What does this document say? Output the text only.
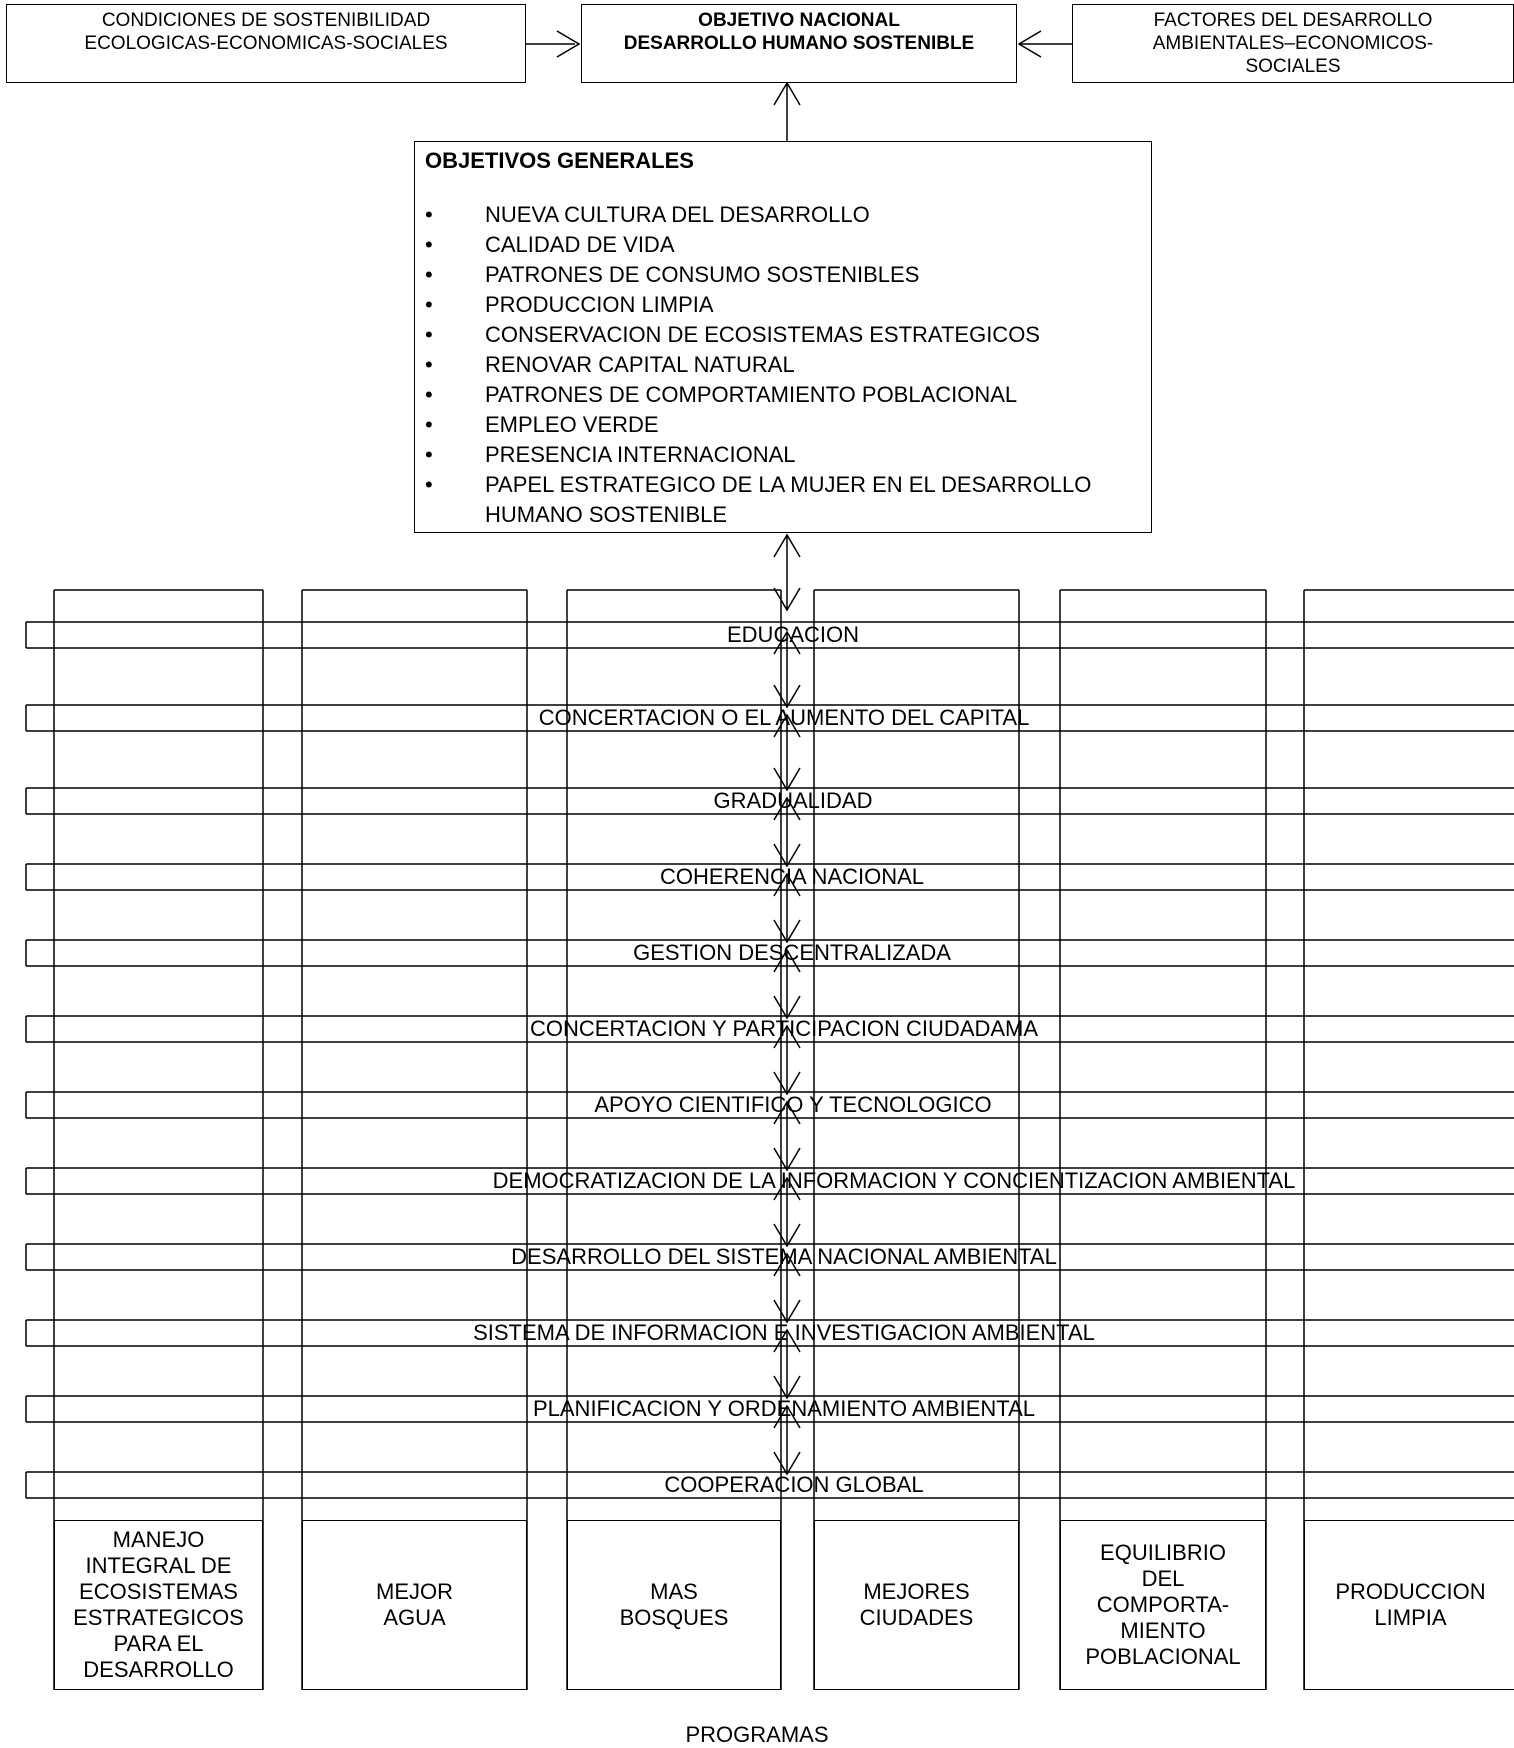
CONDICIONES DE SOSTENIBILIDAD
ECOLOGICAS-ECONOMICAS-SOCIALES
OBJETIVO NACIONAL
DESARROLLO HUMANO SOSTENIBLE
FACTORES DEL DESARROLLO
AMBIENTALES–ECONOMICOS-
SOCIALES
OBJETIVOS GENERALES
• NUEVA CULTURA DEL DESARROLLO
• CALIDAD DE VIDA
• PATRONES DE CONSUMO SOSTENIBLES
• PRODUCCION LIMPIA
• CONSERVACION DE ECOSISTEMAS ESTRATEGICOS
• RENOVAR CAPITAL NATURAL
• PATRONES DE COMPORTAMIENTO POBLACIONAL
• EMPLEO VERDE
• PRESENCIA INTERNACIONAL
• PAPEL ESTRATEGICO DE LA MUJER EN EL DESARROLLO HUMANO SOSTENIBLE
EDUCACION
CONCERTACION O EL AUMENTO DEL CAPITAL
GRADUALIDAD
COHERENCIA NACIONAL
GESTION DESCENTRALIZADA
CONCERTACION Y PARTICIPACION CIUDADAMA
APOYO CIENTIFICO Y TECNOLOGICO
DEMOCRATIZACION DE LA INFORMACION Y CONCIENTIZACION AMBIENTAL
DESARROLLO DEL SISTEMA NACIONAL AMBIENTAL
SISTEMA DE INFORMACION E INVESTIGACION AMBIENTAL
PLANIFICACION Y ORDENAMIENTO AMBIENTAL
COOPERACION GLOBAL
MANEJO
INTEGRAL DE
ECOSISTEMAS
ESTRATEGICOS
PARA EL
DESARROLLO
MEJOR
AGUA
MAS
BOSQUES
MEJORES
CIUDADES
EQUILIBRIO
DEL
COMPORTA-
MIENTO
POBLACIONAL
PRODUCCION
LIMPIA
PROGRAMAS
